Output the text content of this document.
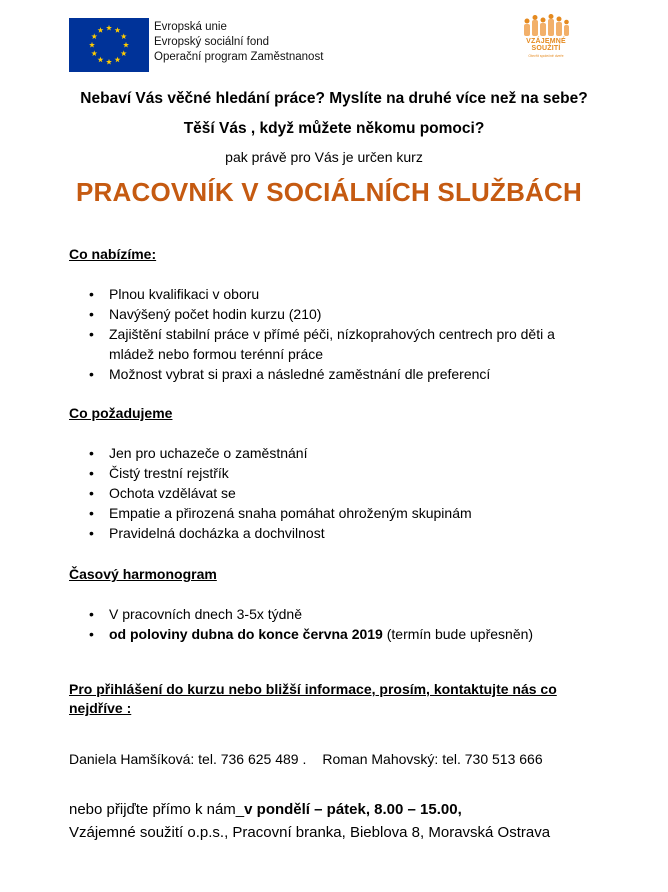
Evropská unie
Evropský sociální fond
Operační program Zaměstnanost
VZÁJEMNÉ SOUŽITÍ
Otevřít společně dveře
Nebaví Vás věčné hledání práce? Myslíte na druhé více než na sebe?
Těší Vás , když můžete někomu pomoci?
pak právě pro Vás je určen kurz
PRACOVNÍK V SOCIÁLNÍCH SLUŽBÁCH
Co nabízíme:
• Plnou kvalifikaci v oboru
• Navýšený počet hodin kurzu (210)
• Zajištění stabilní práce v přímé péči, nízkoprahových centrech pro děti a mládež nebo formou terénní práce
• Možnost vybrat si praxi a následné zaměstnání dle preferencí
Co požadujeme
• Jen pro uchazeče o zaměstnání
• Čistý trestní rejstřík
• Ochota vzdělávat se
• Empatie a přirozená snaha pomáhat ohroženým skupinám
• Pravidelná docházka a dochvilnost
Časový harmonogram
• V pracovních dnech 3-5x týdně
• od poloviny dubna do konce června 2019 (termín bude upřesněn)
Pro přihlášení do kurzu nebo bližší informace, prosím, kontaktujte nás co nejdříve :
Daniela Hamšíková: tel. 736 625 489 . Roman Mahovský: tel. 730 513 666
nebo přijďte přímo k nám_v pondělí – pátek, 8.00 – 15.00,
Vzájemné soužití o.p.s., Pracovní branka, Bieblova 8, Moravská Ostrava
